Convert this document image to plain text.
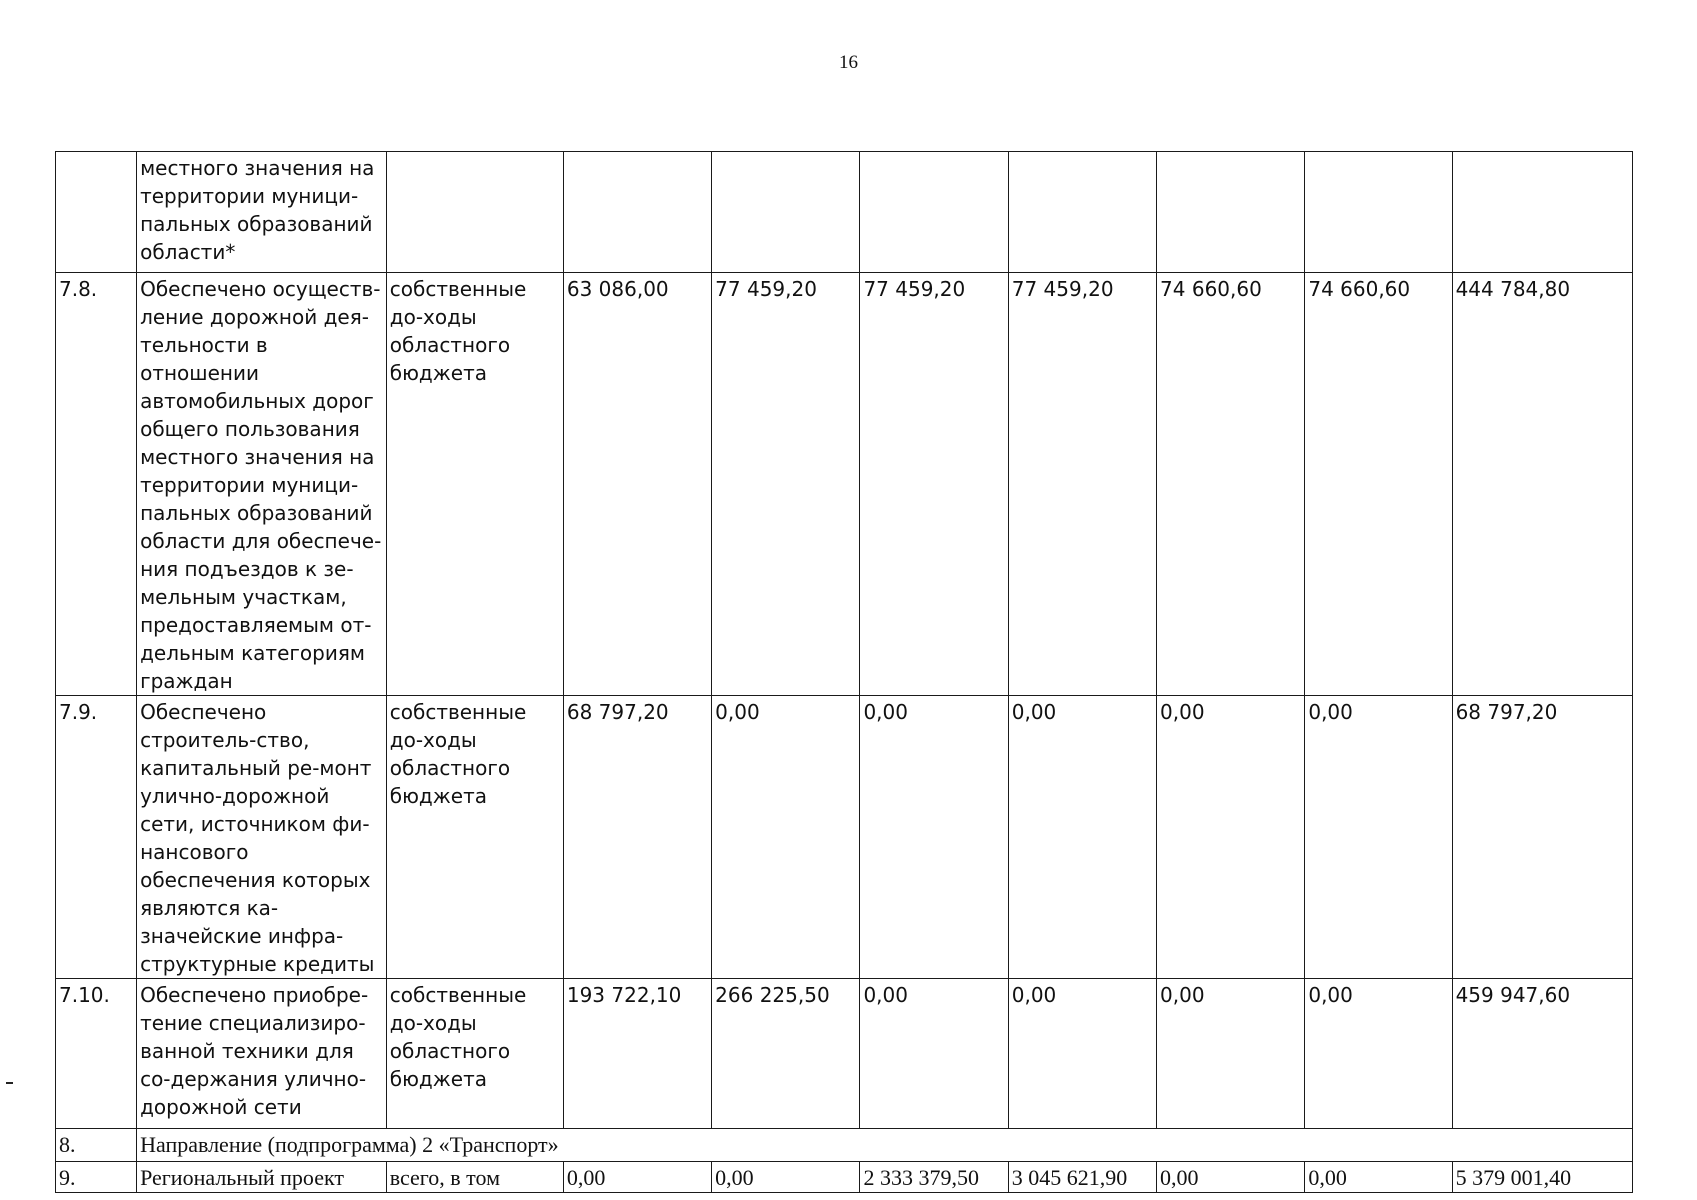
16
	местного значения на территории муници-пальных образований области*								
7.8.	Обеспечено осуществ-ление дорожной дея-тельности в отношении автомобильных дорог общего пользования местного значения на территории муници-пальных образований области для обеспече-ния подъездов к зе-мельным участкам, предоставляемым от-дельным категориям граждан	собственные до-ходы областного бюджета	63 086,00	77 459,20	77 459,20	77 459,20	74 660,60	74 660,60	444 784,80
7.9.	Обеспечено строитель-ство, капитальный ре-монт улично-дорожной сети, источником фи-нансового обеспечения которых являются ка-значейские инфра-структурные кредиты	собственные до-ходы областного бюджета	68 797,20	0,00	0,00	0,00	0,00	0,00	68 797,20
7.10.	Обеспечено приобре-тение специализиро-ванной техники для со-держания улично-дорожной сети	собственные до-ходы областного бюджета	193 722,10	266 225,50	0,00	0,00	0,00	0,00	459 947,60
8.	Направление (подпрограмма) 2 «Транспорт»								
9.	Региональный проект	всего, в том	0,00	0,00	2 333 379,50	3 045 621,90	0,00	0,00	5 379 001,40
